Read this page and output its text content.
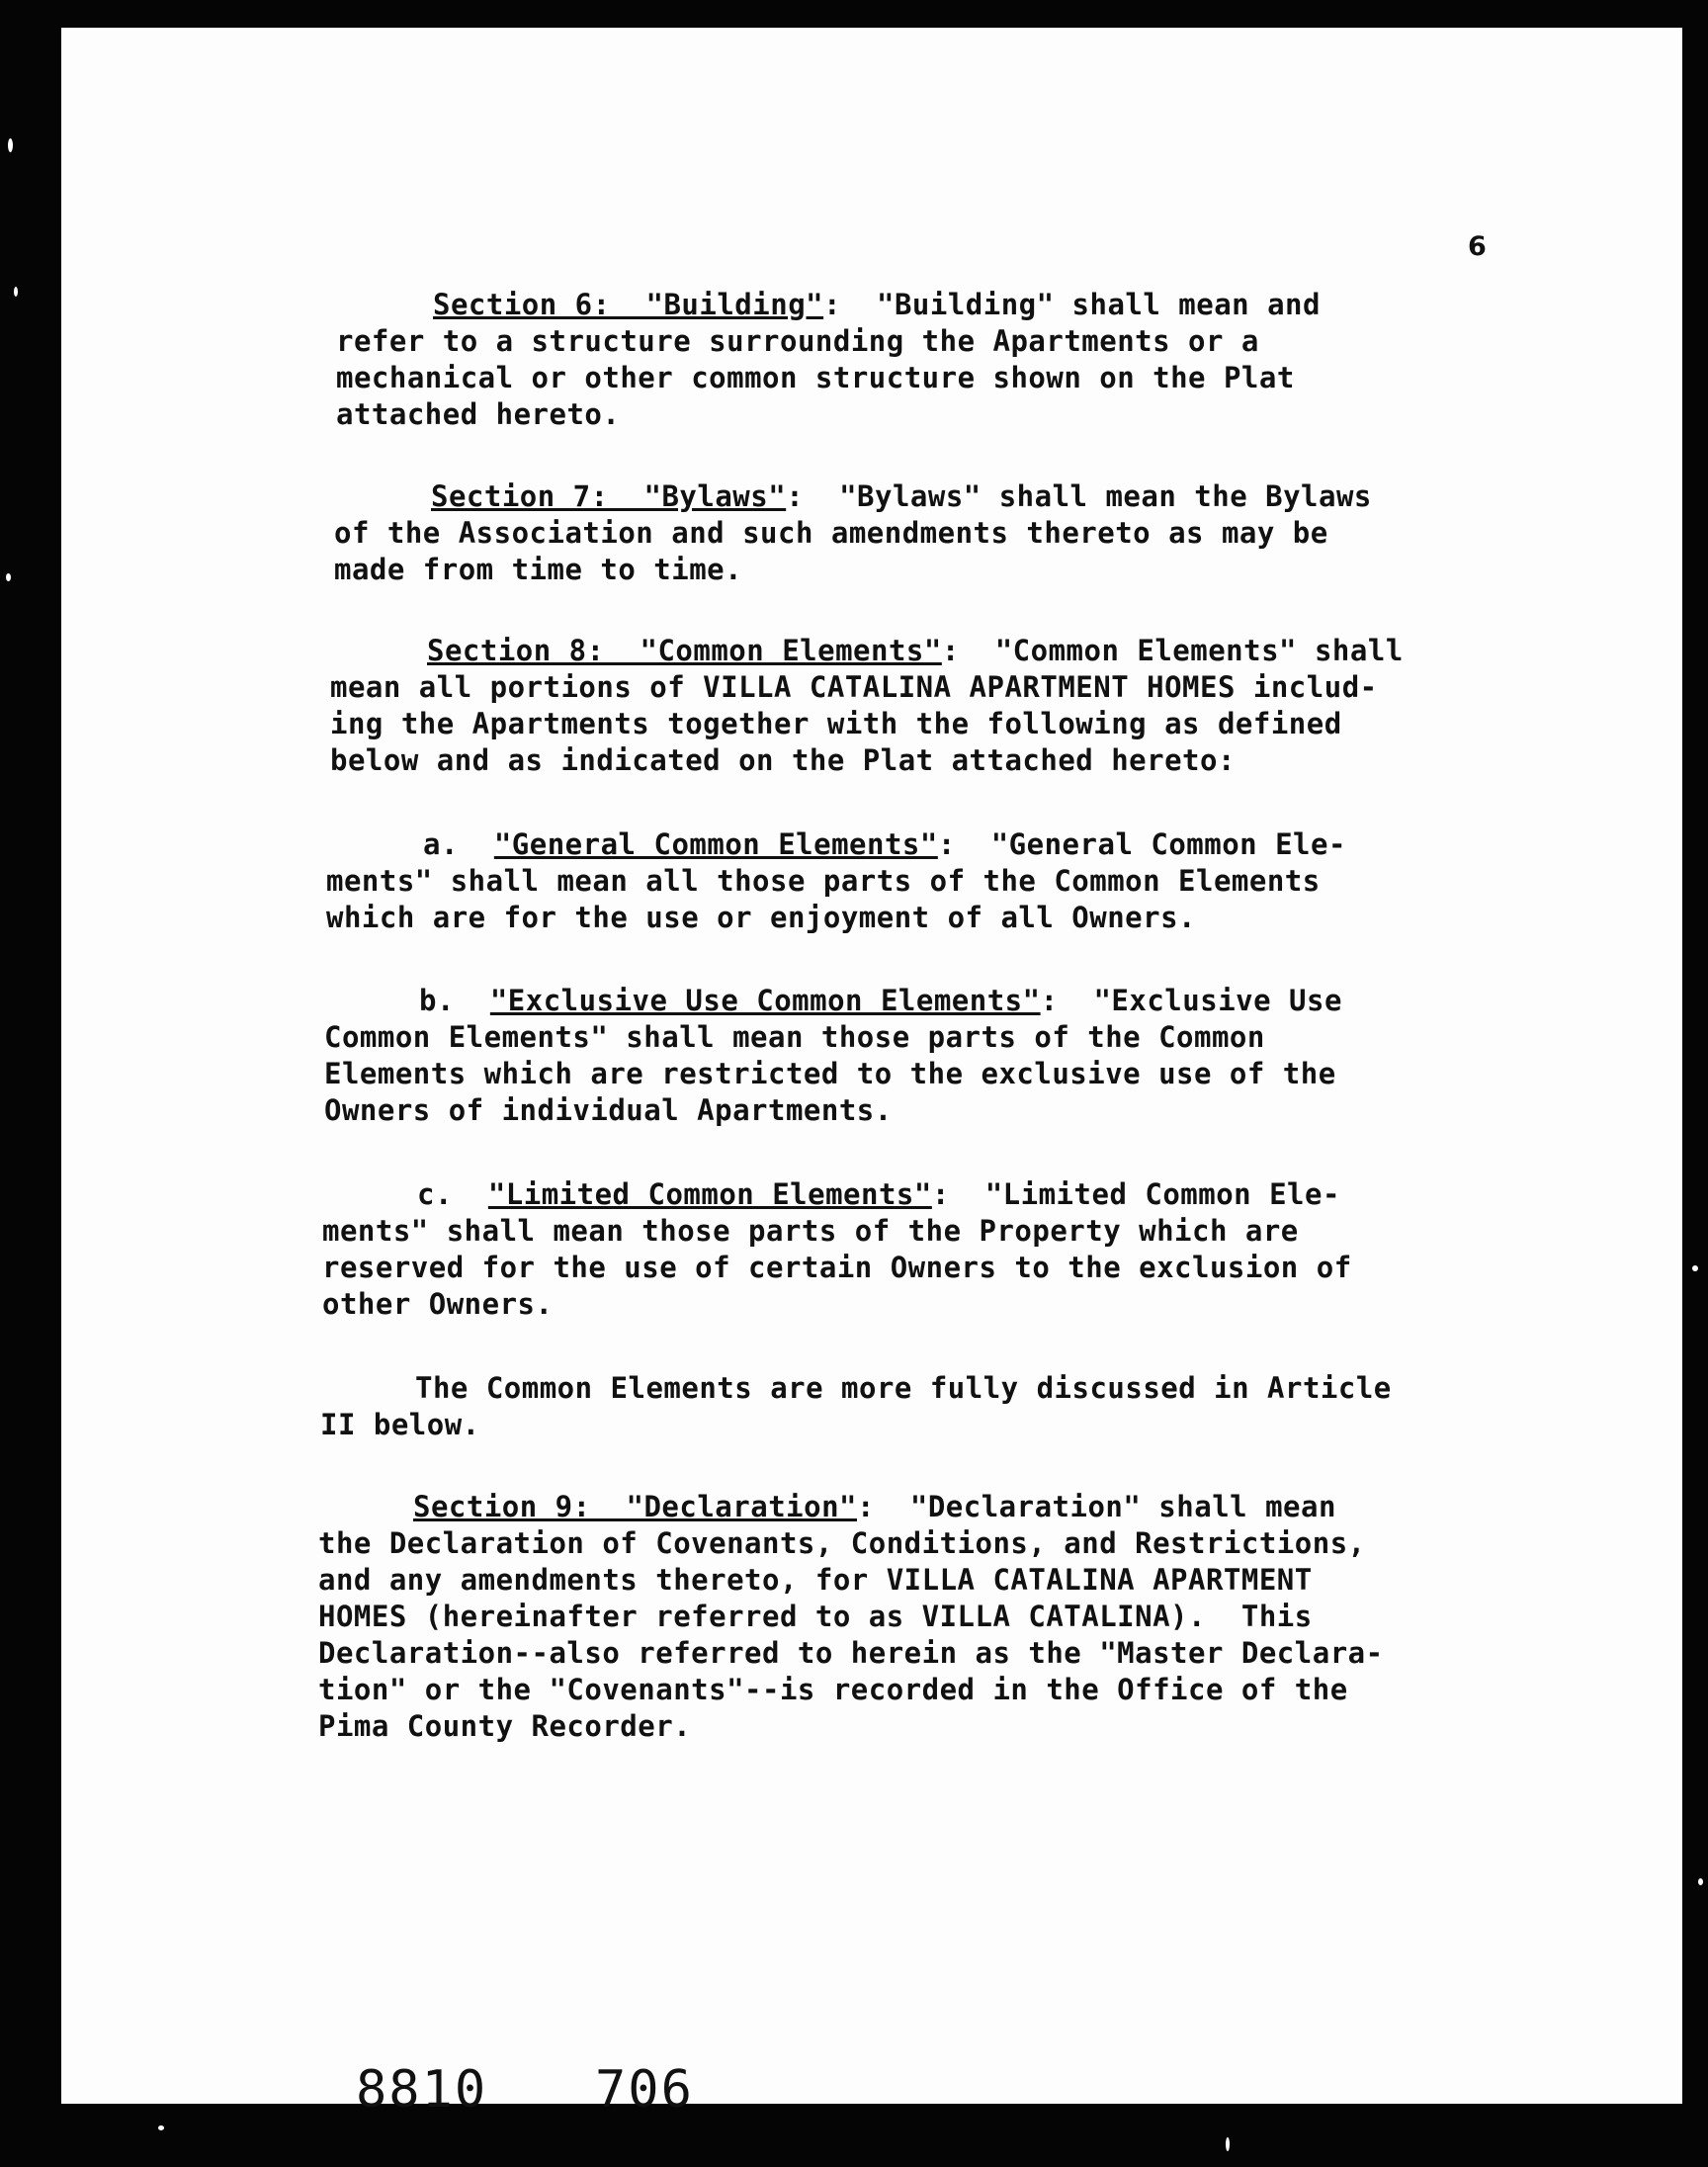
6
Section 6:  "Building":  "Building" shall mean and
refer to a structure surrounding the Apartments or a
mechanical or other common structure shown on the Plat
attached hereto.
Section 7:  "Bylaws":  "Bylaws" shall mean the Bylaws
of the Association and such amendments thereto as may be
made from time to time.
Section 8:  "Common Elements":  "Common Elements" shall
mean all portions of VILLA CATALINA APARTMENT HOMES includ-
ing the Apartments together with the following as defined
below and as indicated on the Plat attached hereto:
a. "General Common Elements":  "General Common Ele-
ments" shall mean all those parts of the Common Elements
which are for the use or enjoyment of all Owners.
b. "Exclusive Use Common Elements":  "Exclusive Use
Common Elements" shall mean those parts of the Common
Elements which are restricted to the exclusive use of the
Owners of individual Apartments.
c. "Limited Common Elements":  "Limited Common Ele-
ments" shall mean those parts of the Property which are
reserved for the use of certain Owners to the exclusion of
other Owners.
The Common Elements are more fully discussed in Article
II below.
Section 9:  "Declaration":  "Declaration" shall mean
the Declaration of Covenants, Conditions, and Restrictions,
and any amendments thereto, for VILLA CATALINA APARTMENT
HOMES (hereinafter referred to as VILLA CATALINA).  This
Declaration--also referred to herein as the "Master Declara-
tion" or the "Covenants"--is recorded in the Office of the
Pima County Recorder.
8810 706
